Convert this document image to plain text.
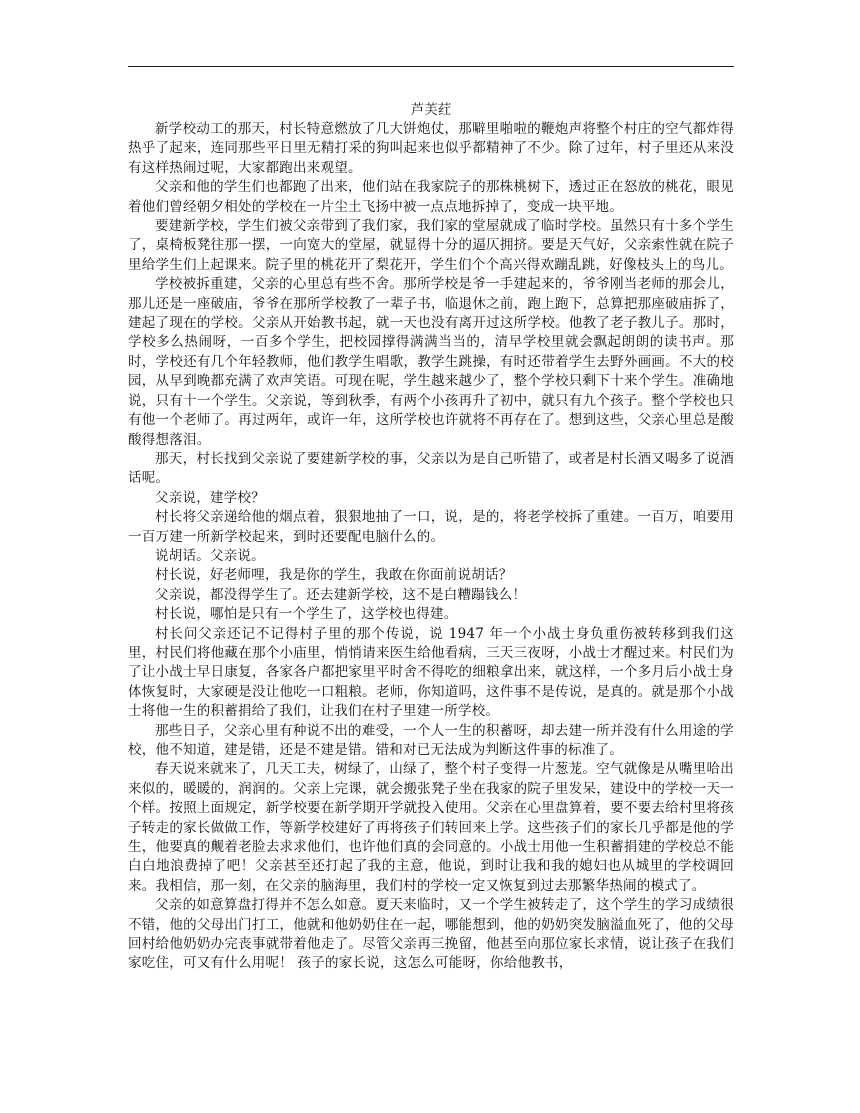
芦芙荭

新学校动工的那天，村长特意燃放了几大饼炮仗，那噼里啪啦的鞭炮声将整个村庄的空气都炸得热乎了起来，连同那些平日里无精打采的狗叫起来也似乎都精神了不少。除了过年，村子里还从来没有这样热闹过呢，大家都跑出来观望。

父亲和他的学生们也都跑了出来，他们站在我家院子的那株桃树下，透过正在怒放的桃花，眼见着他们曾经朝夕相处的学校在一片尘土飞扬中被一点点地拆掉了，变成一块平地。

要建新学校，学生们被父亲带到了我们家，我们家的堂屋就成了临时学校。虽然只有十多个学生了，桌椅板凳往那一摆，一向宽大的堂屋，就显得十分的逼仄拥挤。要是天气好，父亲索性就在院子里给学生们上起课来。院子里的桃花开了梨花开，学生们个个高兴得欢蹦乱跳，好像枝头上的鸟儿。

学校被拆重建，父亲的心里总有些不舍。那所学校是爷一手建起来的，爷爷刚当老师的那会儿，那儿还是一座破庙，爷爷在那所学校教了一辈子书，临退休之前，跑上跑下，总算把那座破庙拆了，建起了现在的学校。父亲从开始教书起，就一天也没有离开过这所学校。他教了老子教儿子。那时，学校多么热闹呀，一百多个学生，把校园撑得满满当当的，清早学校里就会飘起朗朗的读书声。那时，学校还有几个年轻教师，他们教学生唱歌，教学生跳操，有时还带着学生去野外画画。不大的校园，从早到晚都充满了欢声笑语。可现在呢，学生越来越少了，整个学校只剩下十来个学生。准确地说，只有十一个学生。父亲说，等到秋季，有两个小孩再升了初中，就只有九个孩子。整个学校也只有他一个老师了。再过两年，或许一年，这所学校也许就将不再存在了。想到这些，父亲心里总是酸酸得想落泪。

那天，村长找到父亲说了要建新学校的事，父亲以为是自己听错了，或者是村长酒又喝多了说酒话呢。

父亲说，建学校？

村长将父亲递给他的烟点着，狠狠地抽了一口，说，是的，将老学校拆了重建。一百万，咱要用一百万建一所新学校起来，到时还要配电脑什么的。

说胡话。父亲说。

村长说，好老师哩，我是你的学生，我敢在你面前说胡话？

父亲说，都没得学生了。还去建新学校，这不是白糟蹋钱么！

村长说，哪怕是只有一个学生了，这学校也得建。

村长问父亲还记不记得村子里的那个传说，说 1947 年一个小战士身负重伤被转移到我们这里，村民们将他藏在那个小庙里，悄悄请来医生给他看病，三天三夜呀，小战士才醒过来。村民们为了让小战士早日康复，各家各户都把家里平时舍不得吃的细粮拿出来，就这样，一个多月后小战士身体恢复时，大家硬是没让他吃一口粗粮。老师，你知道吗，这件事不是传说，是真的。就是那个小战士将他一生的积蓄捐给了我们，让我们在村子里建一所学校。

那些日子，父亲心里有种说不出的难受，一个人一生的积蓄呀，却去建一所并没有什么用途的学校，他不知道，建是错，还是不建是错。错和对已无法成为判断这件事的标准了。

春天说来就来了，几天工夫，树绿了，山绿了，整个村子变得一片葱茏。空气就像是从嘴里哈出来似的，暖暖的，润润的。父亲上完课，就会搬张凳子坐在我家的院子里发呆，建设中的学校一天一个样。按照上面规定，新学校要在新学期开学就投入使用。父亲在心里盘算着，要不要去给村里将孩子转走的家长做做工作，等新学校建好了再将孩子们转回来上学。这些孩子们的家长几乎都是他的学生，他要真的觍着老脸去求求他们，也许他们真的会同意的。小战士用他一生积蓄捐建的学校总不能白白地浪费掉了吧！父亲甚至还打起了我的主意，他说，到时让我和我的媳妇也从城里的学校调回来。我相信，那一刻，在父亲的脑海里，我们村的学校一定又恢复到过去那繁华热闹的模式了。

父亲的如意算盘打得并不怎么如意。夏天来临时，又一个学生被转走了，这个学生的学习成绩很不错，他的父母出门打工，他就和他奶奶住在一起，哪能想到，他的奶奶突发脑溢血死了，他的父母回村给他奶奶办完丧事就带着他走了。尽管父亲再三挽留，他甚至向那位家长求情，说让孩子在我们家吃住，可又有什么用呢！ 孩子的家长说，这怎么可能呀，你给他教书，
